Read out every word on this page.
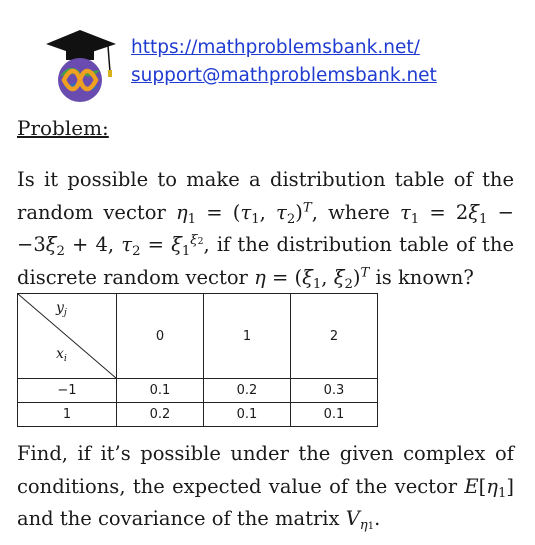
https://mathproblemsbank.net/
support@mathproblemsbank.net
Problem:
Is it possible to make a distribution table of the random vector $\eta_1 = (\tau_1$, $\tau_2)^T$, where $\tau_1 = 2\xi_1 - -3\xi_2 + 4$, $\tau_2 = \xi_1^{\xi 2}$, if the distribution table of the discrete random vector $\eta = (\xi_1$, $\xi_2)^T$ is known?
$y_j$
$x_i$	0	1	2
−1	0.1	0.2	0.3
1	0.2	0.1	0.1
Find, if it’s possible under the given complex of conditions, the expected value of the vector $E[\eta_1]$ and the covariance of the matrix $V_{\eta 1}$.
